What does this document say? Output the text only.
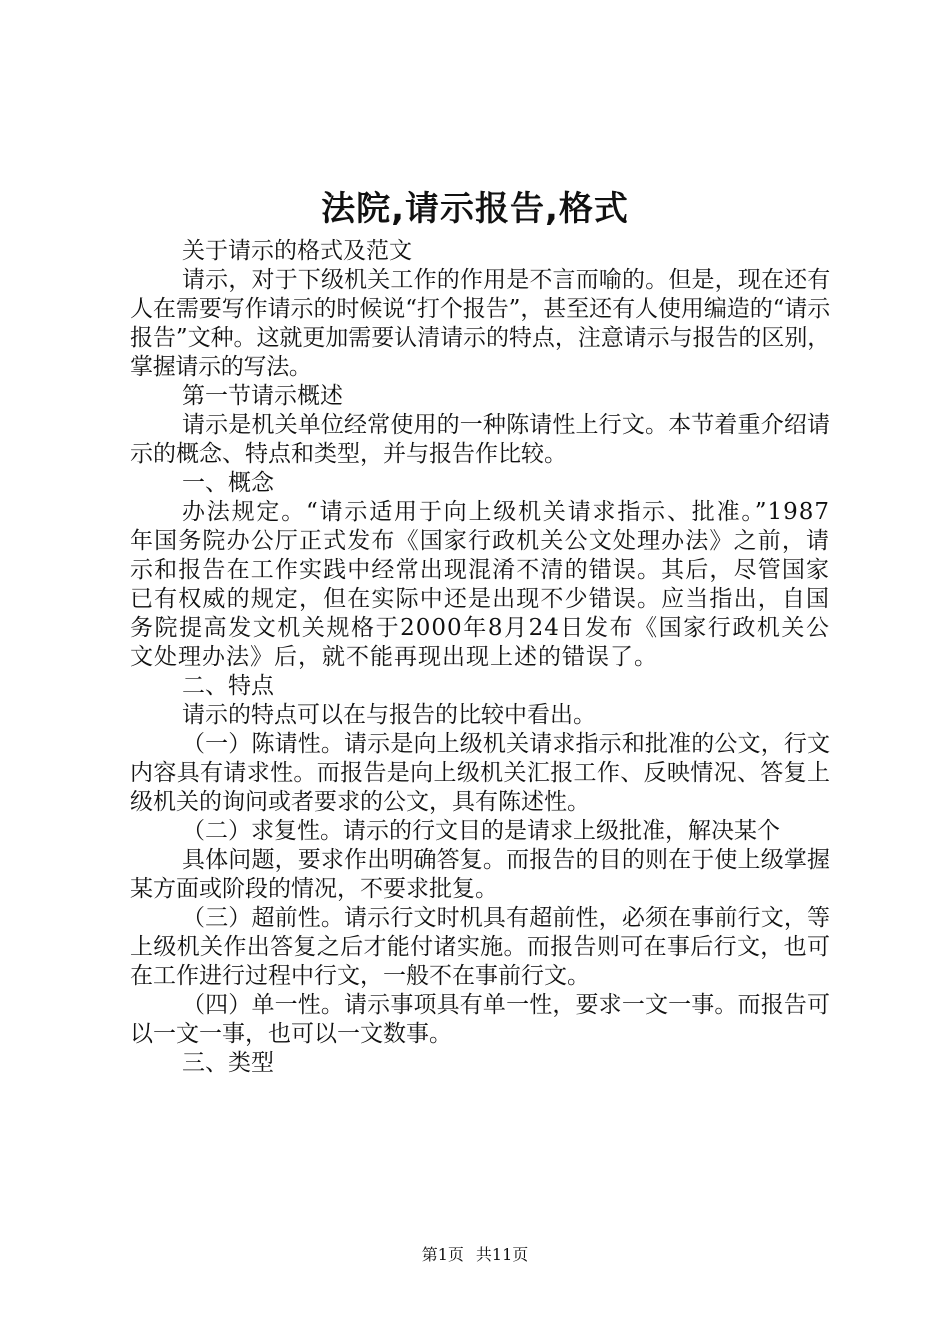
法院,请示报告,格式

关于请示的格式及范文

请示，对于下级机关工作的作用是不言而喻的。但是，现在还有人在需要写作请示的时候说“打个报告”，甚至还有人使用编造的“请示报告”文种。这就更加需要认清请示的特点，注意请示与报告的区别，掌握请示的写法。

第一节请示概述

请示是机关单位经常使用的一种陈请性上行文。本节着重介绍请示的概念、特点和类型，并与报告作比较。

一、概念

办法规定。“请示适用于向上级机关请求指示、批准。”1987年国务院办公厅正式发布《国家行政机关公文处理办法》之前，请示和报告在工作实践中经常出现混淆不清的错误。其后，尽管国家已有权威的规定，但在实际中还是出现不少错误。应当指出，自国务院提高发文机关规格于2000年8月24日发布《国家行政机关公文处理办法》后，就不能再现出现上述的错误了。

二、特点

请示的特点可以在与报告的比较中看出。

（一）陈请性。请示是向上级机关请求指示和批准的公文，行文内容具有请求性。而报告是向上级机关汇报工作、反映情况、答复上级机关的询问或者要求的公文，具有陈述性。

（二）求复性。请示的行文目的是请求上级批准，解决某个

具体问题，要求作出明确答复。而报告的目的则在于使上级掌握某方面或阶段的情况，不要求批复。

（三）超前性。请示行文时机具有超前性，必须在事前行文，等上级机关作出答复之后才能付诸实施。而报告则可在事后行文，也可在工作进行过程中行文，一般不在事前行文。

（四）单一性。请示事项具有单一性，要求一文一事。而报告可以一文一事，也可以一文数事。

三、类型

第1页 共11页
